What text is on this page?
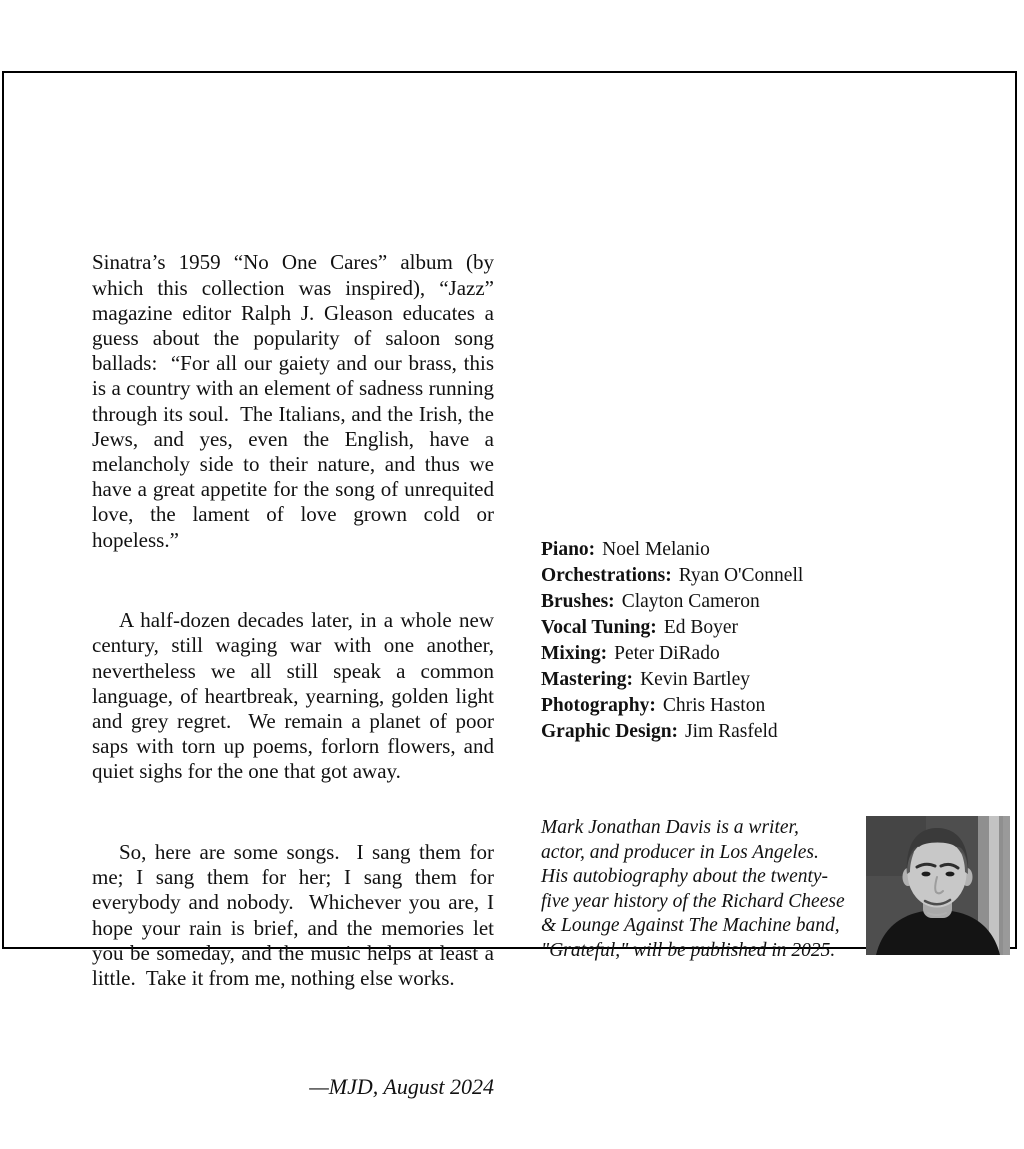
Sinatra’s 1959 “No One Cares” album (by which this collection was inspired), “Jazz” magazine editor Ralph J. Gleason educates a guess about the popularity of saloon song ballads:  “For all our gaiety and our brass, this is a country with an element of sadness running through its soul.  The Italians, and the Irish, the Jews, and yes, even the English, have a melancholy side to their nature, and thus we have a great appetite for the song of unrequited love, the lament of love grown cold or hopeless.”

A half-dozen decades later, in a whole new century, still waging war with one another, nevertheless we all still speak a common language, of heartbreak, yearning, golden light and grey regret.  We remain a planet of poor saps with torn up poems, forlorn flowers, and quiet sighs for the one that got away.

So, here are some songs.  I sang them for me; I sang them for her; I sang them for everybody and nobody.  Whichever you are, I hope your rain is brief, and the memories let you be someday, and the music helps at least a little.  Take it from me, nothing else works.

—MJD, August 2024

Piano: Noel Melanio
Orchestrations: Ryan O'Connell
Brushes: Clayton Cameron
Vocal Tuning: Ed Boyer
Mixing: Peter DiRado
Mastering: Kevin Bartley
Photography: Chris Haston
Graphic Design: Jim Rasfeld
Mark Jonathan Davis is a writer,
actor, and producer in Los Angeles.
His autobiography about the twenty-
five year history of the Richard Cheese
& Lounge Against The Machine band,
"Grateful," will be published in 2025.
